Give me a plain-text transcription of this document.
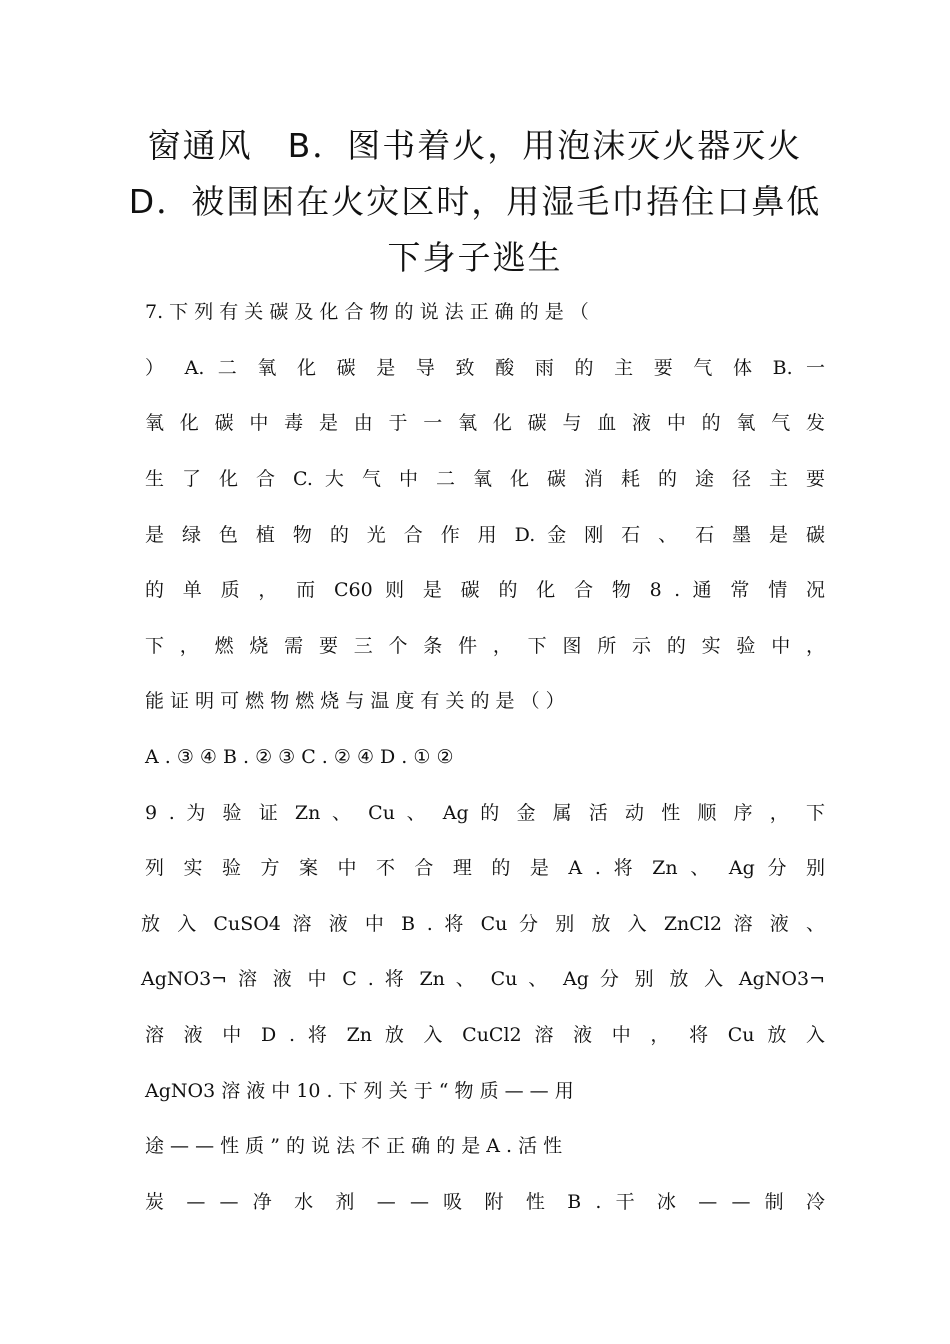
窗通风　B．图书着火，用泡沫灭火器灭火
D．被围困在火灾区时，用湿毛巾捂住口鼻低
下身子逃生
7. 下 列 有 关 碳 及 化 合 物 的 说 法 正 确 的 是 （
） A. 二 氧 化 碳 是 导 致 酸 雨 的 主 要 气 体 B. 一
氧 化 碳 中 毒 是 由 于 一 氧 化 碳 与 血 液 中 的 氧 气 发
生 了 化 合 C. 大 气 中 二 氧 化 碳 消 耗 的 途 径 主 要
是 绿 色 植 物 的 光 合 作 用 D. 金 刚 石 、 石 墨 是 碳
的 单 质 ， 而 C60 则 是 碳 的 化 合 物 8 . 通 常 情 况
下 ， 燃 烧 需 要 三 个 条 件 ， 下 图 所 示 的 实 验 中 ，
能 证 明 可 燃 物 燃 烧 与 温 度 有 关 的 是 （ ）
A . ③ ④ B . ② ③ C . ② ④ D . ① ②
9 . 为 验 证 Zn 、 Cu 、 Ag 的 金 属 活 动 性 顺 序 ， 下
列 实 验 方 案 中 不 合 理 的 是 A . 将 Zn 、 Ag 分 别
放 入 CuSO4 溶 液 中 B . 将 Cu 分 别 放 入 ZnCl2 溶 液 、
AgNO3¬ 溶 液 中 C . 将 Zn 、 Cu 、 Ag 分 别 放 入 AgNO3¬
溶 液 中 D . 将 Zn 放 入 CuCl2 溶 液 中 ， 将 Cu 放 入
AgNO3 溶 液 中 10 . 下 列 关 于 “ 物 质 — — 用
途 — — 性 质 ” 的 说 法 不 正 确 的 是 A . 活 性
炭 — — 净 水 剂 — — 吸 附 性 B . 干 冰 — — 制 冷
